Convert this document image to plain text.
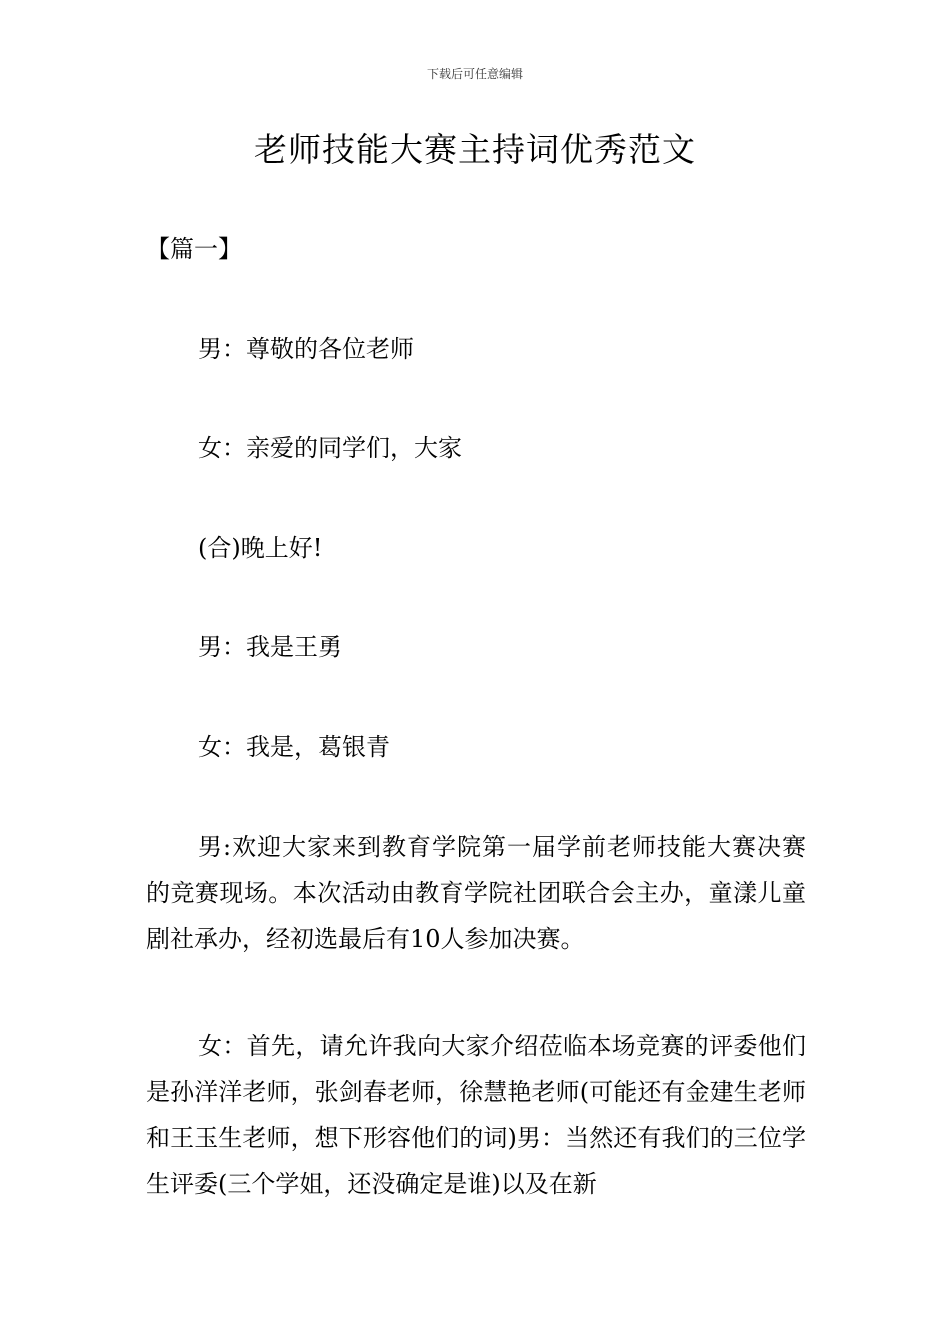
下载后可任意编辑
老师技能大赛主持词优秀范文
【篇一】
男：尊敬的各位老师
女：亲爱的同学们，大家
(合)晚上好!
男：我是王勇
女：我是，葛银青
男:欢迎大家来到教育学院第一届学前老师技能大赛决赛的竞赛现场。本次活动由教育学院社团联合会主办，童漾儿童剧社承办，经初选最后有10人参加决赛。
女：首先，请允许我向大家介绍莅临本场竞赛的评委他们是孙洋洋老师，张剑春老师，徐慧艳老师(可能还有金建生老师和王玉生老师，想下形容他们的词)男：当然还有我们的三位学生评委(三个学姐，还没确定是谁)以及在新
